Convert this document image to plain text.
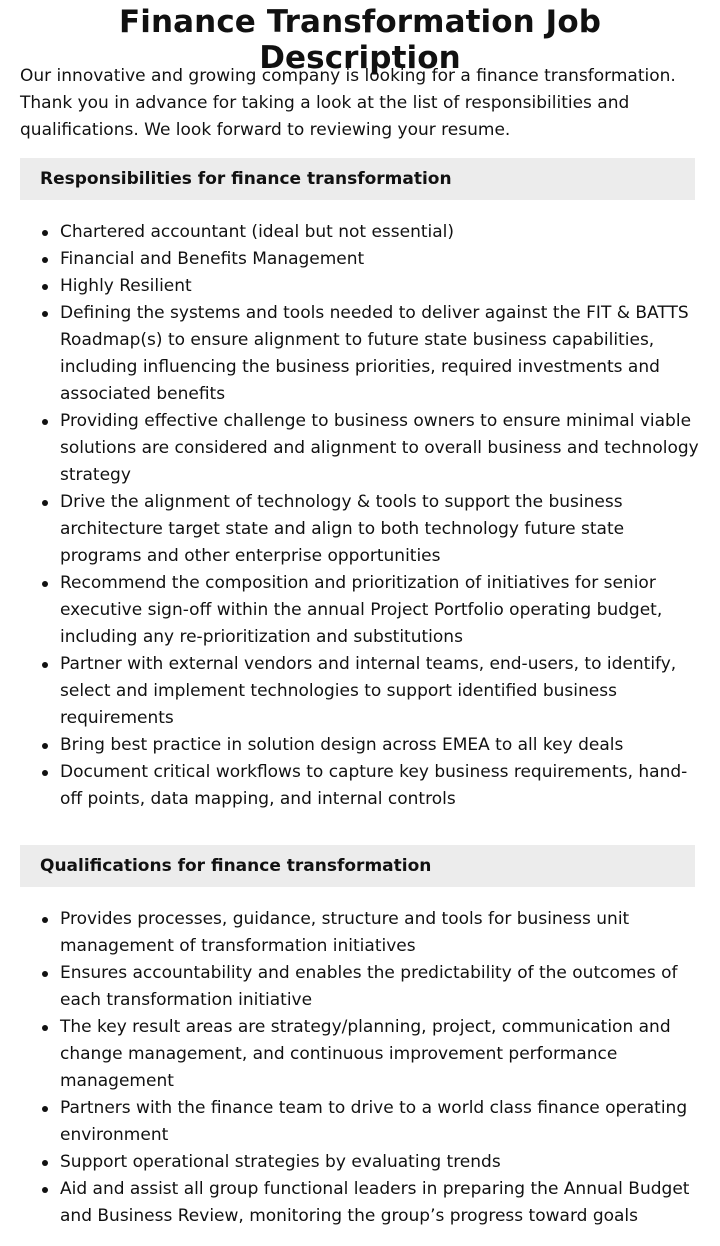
Finance Transformation Job Description

Our innovative and growing company is looking for a finance transformation. Thank you in advance for taking a look at the list of responsibilities and qualifications. We look forward to reviewing your resume.

Responsibilities for finance transformation
Chartered accountant (ideal but not essential)
Financial and Benefits Management
Highly Resilient
Defining the systems and tools needed to deliver against the FIT & BATTS Roadmap(s) to ensure alignment to future state business capabilities, including influencing the business priorities, required investments and associated benefits
Providing effective challenge to business owners to ensure minimal viable solutions are considered and alignment to overall business and technology strategy
Drive the alignment of technology & tools to support the business architecture target state and align to both technology future state programs and other enterprise opportunities
Recommend the composition and prioritization of initiatives for senior executive sign-off within the annual Project Portfolio operating budget, including any re-prioritization and substitutions
Partner with external vendors and internal teams, end-users, to identify, select and implement technologies to support identified business requirements
Bring best practice in solution design across EMEA to all key deals
Document critical workflows to capture key business requirements, hand-off points, data mapping, and internal controls
Qualifications for finance transformation
Provides processes, guidance, structure and tools for business unit management of transformation initiatives
Ensures accountability and enables the predictability of the outcomes of each transformation initiative
The key result areas are strategy/planning, project, communication and change management, and continuous improvement performance management
Partners with the finance team to drive to a world class finance operating environment
Support operational strategies by evaluating trends
Aid and assist all group functional leaders in preparing the Annual Budget and Business Review, monitoring the group’s progress toward goals
